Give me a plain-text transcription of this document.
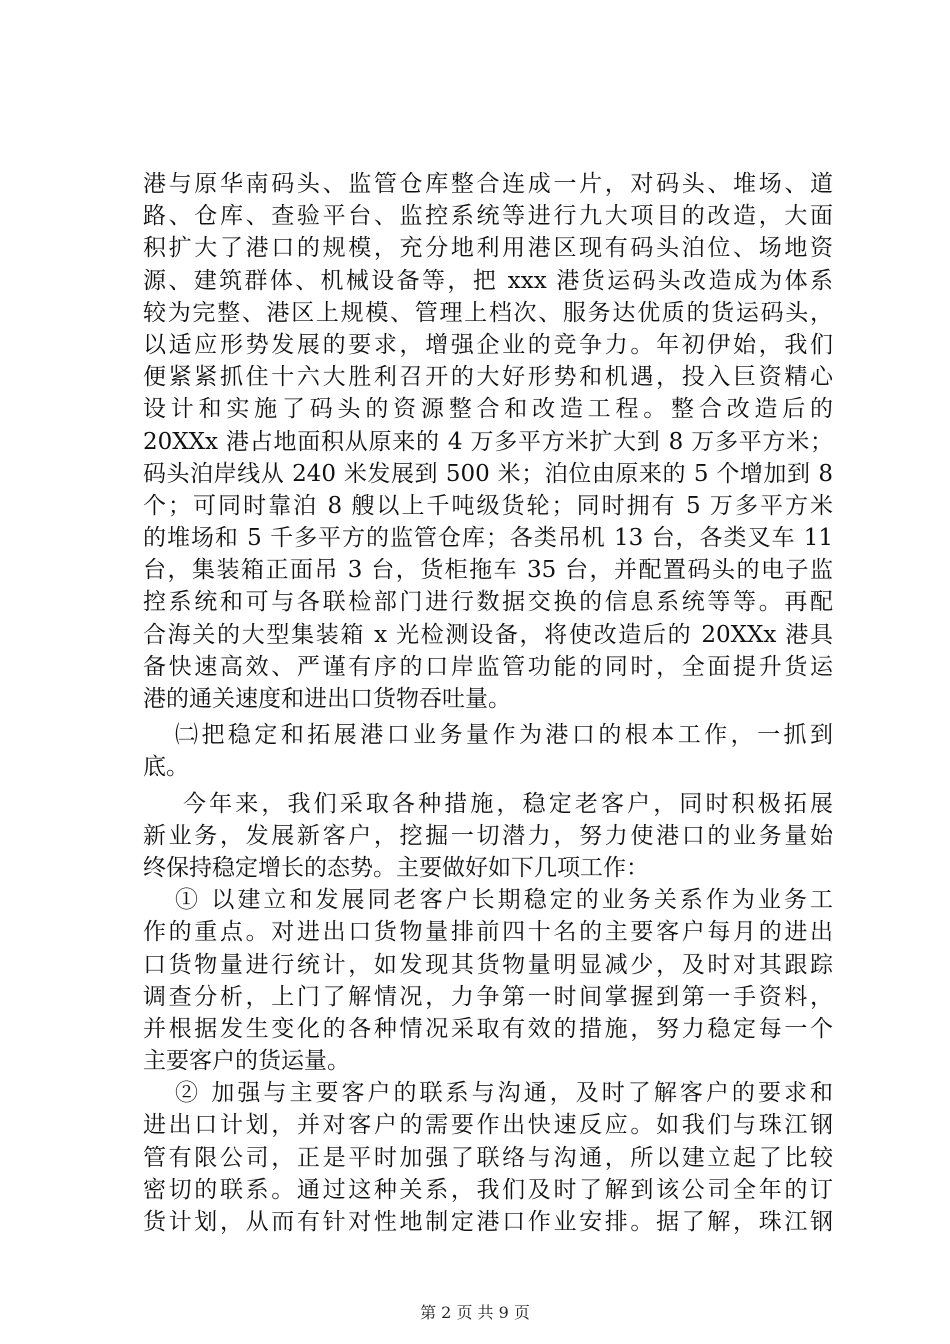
港与原华南码头、监管仓库整合连成一片，对码头、堆场、道
路、仓库、查验平台、监控系统等进行九大项目的改造，大面
积扩大了港口的规模，充分地利用港区现有码头泊位、场地资
源、建筑群体、机械设备等，把 xxx 港货运码头改造成为体系
较为完整、港区上规模、管理上档次、服务达优质的货运码头，
以适应形势发展的要求，增强企业的竞争力。年初伊始，我们
便紧紧抓住十六大胜利召开的大好形势和机遇，投入巨资精心
设计和实施了码头的资源整合和改造工程。整合改造后的
20XXx 港占地面积从原来的 4 万多平方米扩大到 8 万多平方米；
码头泊岸线从 240 米发展到 500 米；泊位由原来的 5 个增加到 8
个；可同时靠泊 8 艘以上千吨级货轮；同时拥有 5 万多平方米
的堆场和 5 千多平方的监管仓库；各类吊机 13 台，各类叉车 11
台，集装箱正面吊 3 台，货柜拖车 35 台，并配置码头的电子监
控系统和可与各联检部门进行数据交换的信息系统等等。再配
合海关的大型集装箱 x 光检测设备，将使改造后的 20XXx 港具
备快速高效、严谨有序的口岸监管功能的同时，全面提升货运
港的通关速度和进出口货物吞吐量。
㈡把稳定和拓展港口业务量作为港口的根本工作，一抓到
底。
今年来，我们采取各种措施，稳定老客户，同时积极拓展
新业务，发展新客户，挖掘一切潜力，努力使港口的业务量始
终保持稳定增长的态势。主要做好如下几项工作：
① 以建立和发展同老客户长期稳定的业务关系作为业务工
作的重点。对进出口货物量排前四十名的主要客户每月的进出
口货物量进行统计，如发现其货物量明显减少，及时对其跟踪
调查分析，上门了解情况，力争第一时间掌握到第一手资料，
并根据发生变化的各种情况采取有效的措施，努力稳定每一个
主要客户的货运量。
② 加强与主要客户的联系与沟通，及时了解客户的要求和
进出口计划，并对客户的需要作出快速反应。如我们与珠江钢
管有限公司，正是平时加强了联络与沟通，所以建立起了比较
密切的联系。通过这种关系，我们及时了解到该公司全年的订
货计划，从而有针对性地制定港口作业安排。据了解，珠江钢
第 2 页 共 9 页
